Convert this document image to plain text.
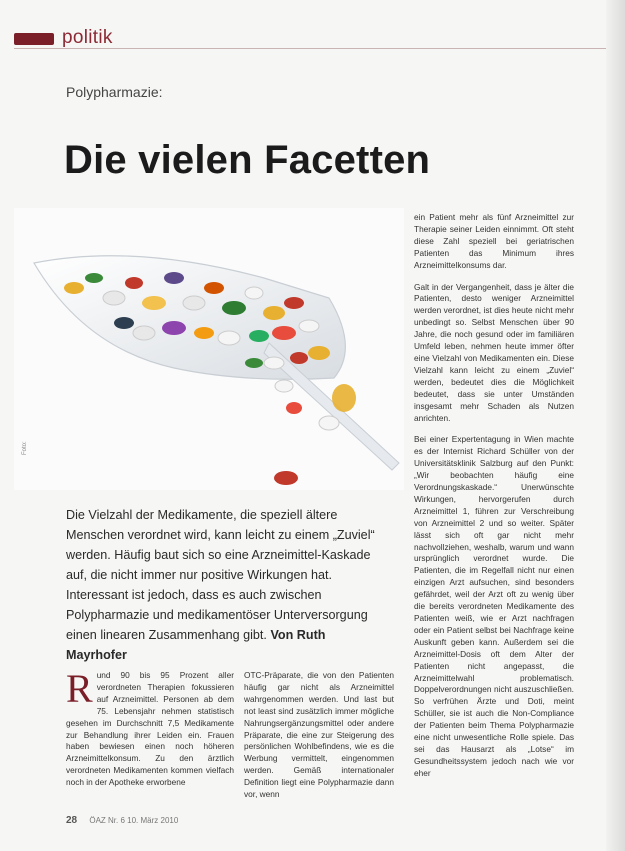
politik
Polypharmazie:
Die vielen Facetten
Foto:
Die Vielzahl der Medikamente, die speziell ältere Menschen verordnet wird, kann leicht zu einem „Zuviel“ werden. Häufig baut sich so eine Arzneimittel-Kaskade auf, die nicht immer nur positive Wirkungen hat. Interessant ist jedoch, dass es auch zwischen Polypharmazie und medikamentöser Unterversorgung einen linearen Zusammenhang gibt. Von Ruth Mayrhofer

R und 90 bis 95 Prozent aller verordneten Therapien fokussieren auf Arzneimittel. Personen ab dem 75. Lebensjahr nehmen statistisch gesehen im Durchschnitt 7,5 Medikamente zur Behandlung ihrer Leiden ein. Frauen haben bewiesen einen noch höheren Arzneimittelkonsum. Zu den ärztlich verordneten Medikamenten kommen vielfach noch in der Apotheke erworbene

OTC-Präparate, die von den Patienten häufig gar nicht als Arzneimittel wahrgenommen werden. Und last but not least sind zusätzlich immer mögliche Nahrungsergänzungsmittel oder andere Präparate, die eine zur Steigerung des persönlichen Wohlbefindens, wie es die Werbung vermittelt, eingenommen werden. Gemäß internationaler Definition liegt eine Polypharmazie dann vor, wenn

ein Patient mehr als fünf Arzneimittel zur Therapie seiner Leiden einnimmt. Oft steht diese Zahl speziell bei geriatrischen Patienten das Minimum ihres Arzneimittelkonsums dar.

Galt in der Vergangenheit, dass je älter die Patienten, desto weniger Arzneimittel werden verordnet, ist dies heute nicht mehr unbedingt so. Selbst Menschen über 90 Jahre, die noch gesund oder im familiären Umfeld leben, nehmen heute immer öfter eine Vielzahl von Medikamenten ein. Diese Vielzahl kann leicht zu einem „Zuviel“ werden, bedeutet dies die Möglichkeit bedeutet, dass sie unter Umständen insgesamt mehr Schaden als Nutzen anrichten.

Bei einer Expertentagung in Wien machte es der Internist Richard Schüller von der Universitätsklinik Salzburg auf den Punkt: „Wir beobachten häufig eine Verordnungskaskade.“ Unerwünschte Wirkungen, hervorgerufen durch Arzneimittel 1, führen zur Verschreibung von Arzneimittel 2 und so weiter. Später lässt sich oft gar nicht mehr nachvollziehen, weshalb, warum und wann ursprünglich verordnet wurde. Die Patienten, die im Regelfall nicht nur einen einzigen Arzt aufsuchen, sind besonders gefährdet, weil der Arzt oft zu wenig über die bereits verordneten Medikamente des Patienten weiß, wie er Arzt nachfragen oder ein Patient selbst bei Nachfrage keine Auskunft geben kann. Außerdem sei die Arzneimittel-Dosis oft dem Alter der Patienten nicht angepasst, die Arzneimittelwahl problematisch. Doppelverordnungen nicht auszuschließen. So verfrühen Ärzte und Doti, meint Schüller, sie ist auch die Non-Compliance der Patienten beim Thema Polypharmazie eine nicht unwesentliche Rolle spiele. Das sei das Hausarzt als „Lotse“ im Gesundheitssystem jedoch nach wie vor eher

28 ÖAZ Nr. 6 10. März 2010
